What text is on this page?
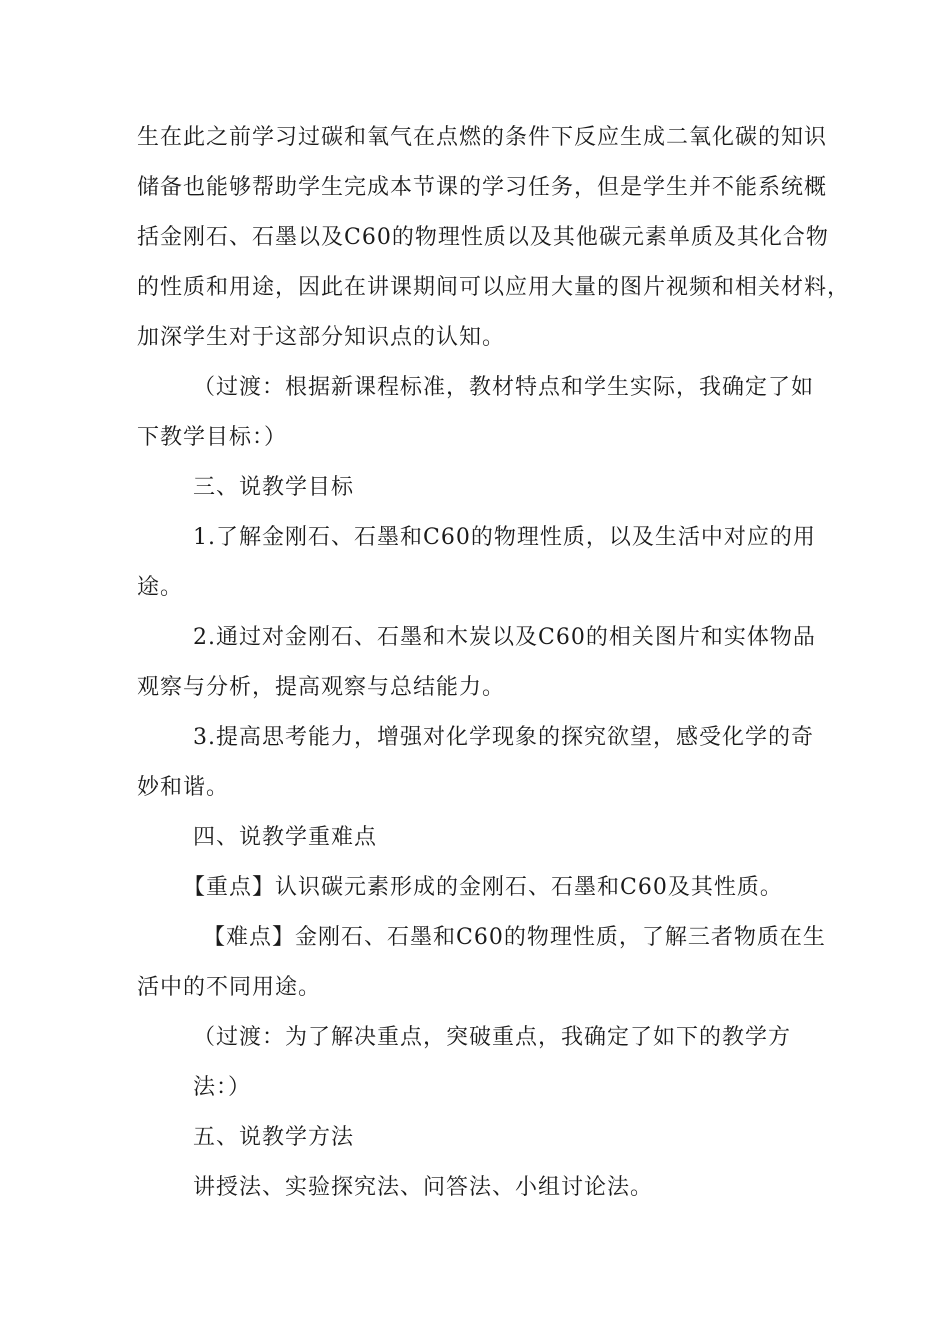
生在此之前学习过碳和氧气在点燃的条件下反应生成二氧化碳的知识
储备也能够帮助学生完成本节课的学习任务，但是学生并不能系统概
括金刚石、石墨以及C60的物理性质以及其他碳元素单质及其化合物
的性质和用途，因此在讲课期间可以应用大量的图片视频和相关材料，
加深学生对于这部分知识点的认知。
（过渡：根据新课程标准，教材特点和学生实际，我确定了如
下教学目标：）
三、说教学目标
1.了解金刚石、石墨和C60的物理性质，以及生活中对应的用
途。
2.通过对金刚石、石墨和木炭以及C60的相关图片和实体物品
观察与分析，提高观察与总结能力。
3.提高思考能力，增强对化学现象的探究欲望，感受化学的奇
妙和谐。
四、说教学重难点
【重点】认识碳元素形成的金刚石、石墨和C60及其性质。
【难点】金刚石、石墨和C60的物理性质，了解三者物质在生
活中的不同用途。
（过渡：为了解决重点，突破重点，我确定了如下的教学方
法：）
五、说教学方法
讲授法、实验探究法、问答法、小组讨论法。
